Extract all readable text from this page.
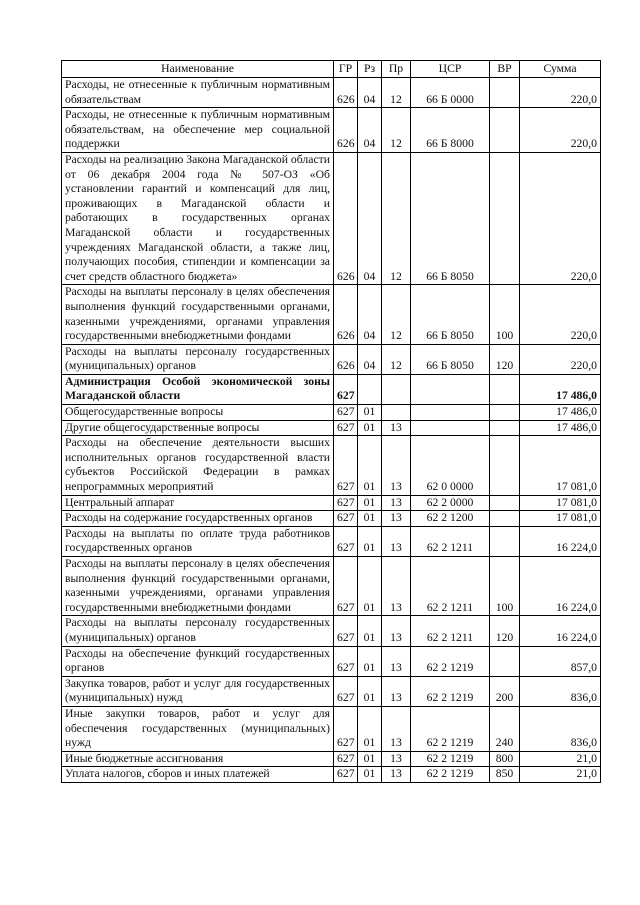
Наименование	ГР	Рз	Пр	ЦСР	ВР	Сумма
Расходы, не отнесенные к публичным нормативным обязательствам	626	04	12	66 Б 0000		220,0
Расходы, не отнесенные к публичным нормативным обязательствам, на обеспечение мер социальной поддержки	626	04	12	66 Б 8000		220,0
Расходы на реализацию Закона Магаданской области от 06 декабря 2004 года № 507-ОЗ «Об установлении гарантий и компенсаций для лиц, проживающих в Магаданской области и работающих в государственных органах Магаданской области и государственных учреждениях Магаданской области, а также лиц, получающих пособия, стипендии и компенсации за счет средств областного бюджета»	626	04	12	66 Б 8050		220,0
Расходы на выплаты персоналу в целях обеспечения выполнения функций государственными органами, казенными учреждениями, органами управления государственными внебюджетными фондами	626	04	12	66 Б 8050	100	220,0
Расходы на выплаты персоналу государственных (муниципальных) органов	626	04	12	66 Б 8050	120	220,0
Администрация Особой экономической зоны Магаданской области	627					17 486,0
Общегосударственные вопросы	627	01				17 486,0
Другие общегосударственные вопросы	627	01	13			17 486,0
Расходы на обеспечение деятельности высших исполнительных органов государственной власти субъектов Российской Федерации в рамках непрограммных мероприятий	627	01	13	62 0 0000		17 081,0
Центральный аппарат	627	01	13	62 2 0000		17 081,0
Расходы на содержание государственных органов	627	01	13	62 2 1200		17 081,0
Расходы на выплаты по оплате труда работников государственных органов	627	01	13	62 2 1211		16 224,0
Расходы на выплаты персоналу в целях обеспечения выполнения функций государственными органами, казенными учреждениями, органами управления государственными внебюджетными фондами	627	01	13	62 2 1211	100	16 224,0
Расходы на выплаты персоналу государственных (муниципальных) органов	627	01	13	62 2 1211	120	16 224,0
Расходы на обеспечение функций государственных органов	627	01	13	62 2 1219		857,0
Закупка товаров, работ и услуг для государственных (муниципальных) нужд	627	01	13	62 2 1219	200	836,0
Иные закупки товаров, работ и услуг для обеспечения государственных (муниципальных) нужд	627	01	13	62 2 1219	240	836,0
Иные бюджетные ассигнования	627	01	13	62 2 1219	800	21,0
Уплата налогов, сборов и иных платежей	627	01	13	62 2 1219	850	21,0
